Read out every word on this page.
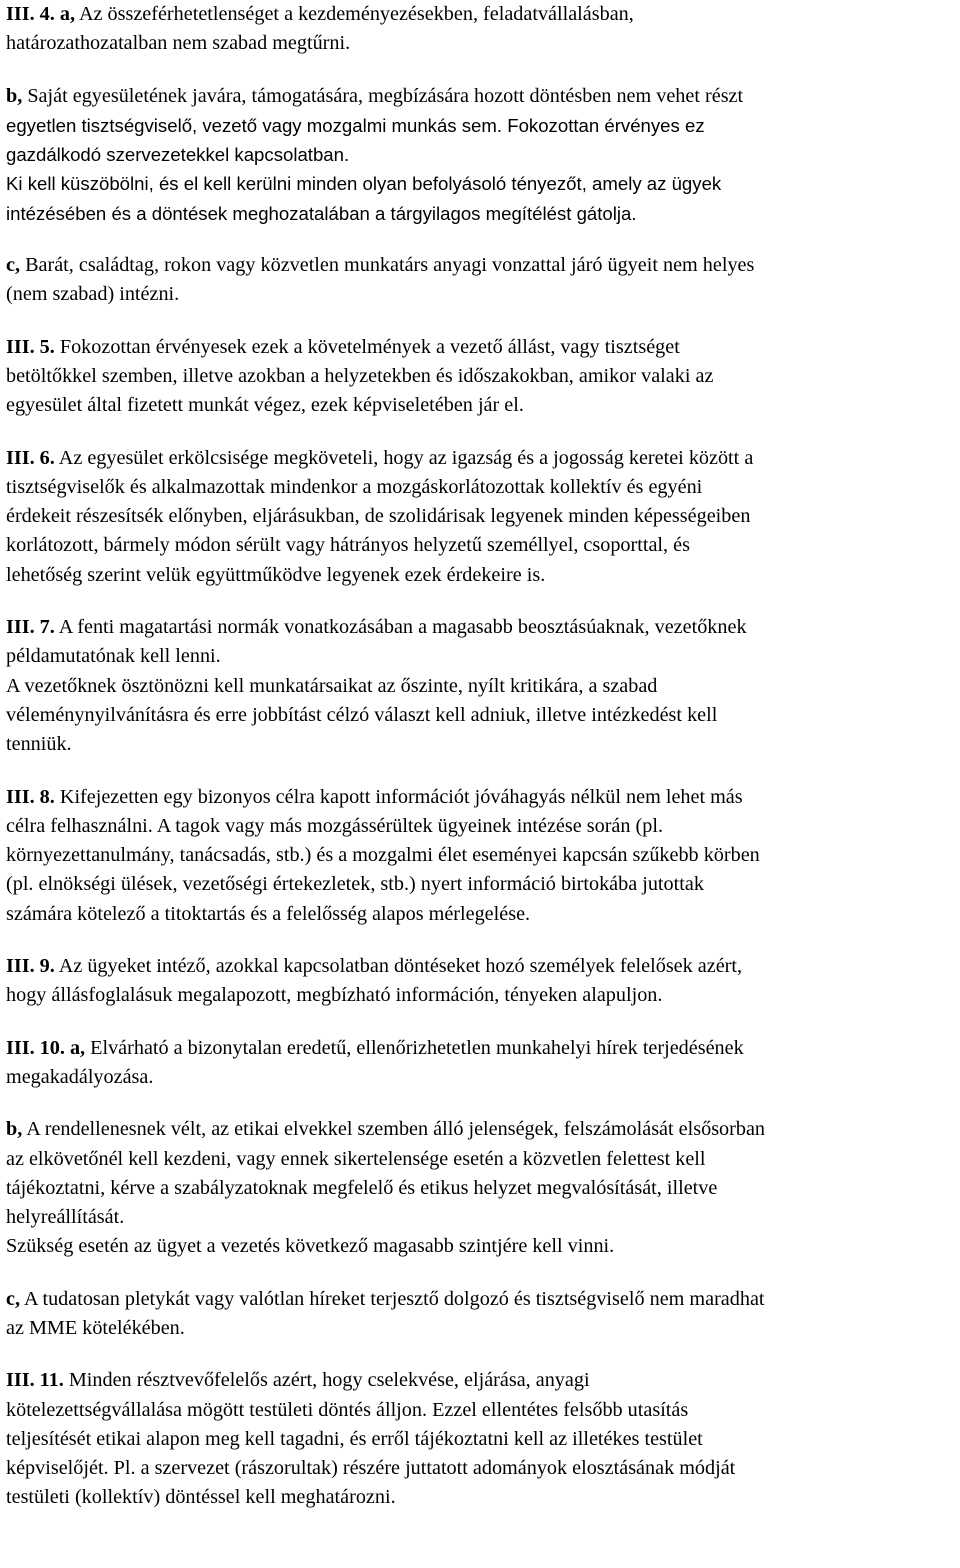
III. 4. a, Az összeférhetetlenséget a kezdeményezésekben, feladatvállalásban,
határozathozatalban nem szabad megtűrni.

b, Saját egyesületének javára, támogatására, megbízására hozott döntésben nem vehet részt
egyetlen tisztségviselő, vezető vagy mozgalmi munkás sem. Fokozottan érvényes ez
gazdálkodó szervezetekkel kapcsolatban.
Ki kell küszöbölni, és el kell kerülni minden olyan befolyásoló tényezőt, amely az ügyek
intézésében és a döntések meghozatalában a tárgyilagos megítélést gátolja.

c, Barát, családtag, rokon vagy közvetlen munkatárs anyagi vonzattal járó ügyeit nem helyes
(nem szabad) intézni.

III. 5. Fokozottan érvényesek ezek a követelmények a vezető állást, vagy tisztséget
betöltőkkel szemben, illetve azokban a helyzetekben és időszakokban, amikor valaki az
egyesület által fizetett munkát végez, ezek képviseletében jár el.

III. 6. Az egyesület erkölcsisége megköveteli, hogy az igazság és a jogosság keretei között a
tisztségviselők és alkalmazottak mindenkor a mozgáskorlátozottak kollektív és egyéni
érdekeit részesítsék előnyben, eljárásukban, de szolidárisak legyenek minden képességeiben
korlátozott, bármely módon sérült vagy hátrányos helyzetű személlyel, csoporttal, és
lehetőség szerint velük együttműködve legyenek ezek érdekeire is.

III. 7. A fenti magatartási normák vonatkozásában a magasabb beosztásúaknak, vezetőknek
példamutatónak kell lenni.
A vezetőknek ösztönözni kell munkatársaikat az őszinte, nyílt kritikára, a szabad
véleménynyilvánításra és erre jobbítást célzó választ kell adniuk, illetve intézkedést kell
tenniük.

III. 8. Kifejezetten egy bizonyos célra kapott információt jóváhagyás nélkül nem lehet más
célra felhasználni. A tagok vagy más mozgássérültek ügyeinek intézése során (pl.
környezettanulmány, tanácsadás, stb.) és a mozgalmi élet eseményei kapcsán szűkebb körben
(pl. elnökségi ülések, vezetőségi értekezletek, stb.) nyert információ birtokába jutottak
számára kötelező a titoktartás és a felelősség alapos mérlegelése.

III. 9. Az ügyeket intéző, azokkal kapcsolatban döntéseket hozó személyek felelősek azért,
hogy állásfoglalásuk megalapozott, megbízható információn, tényeken alapuljon.

III. 10. a, Elvárható a bizonytalan eredetű, ellenőrizhetetlen munkahelyi hírek terjedésének
megakadályozása.

b, A rendellenesnek vélt, az etikai elvekkel szemben álló jelenségek, felszámolását elsősorban
az elkövetőnél kell kezdeni, vagy ennek sikertelensége esetén a közvetlen felettest kell
tájékoztatni, kérve a szabályzatoknak megfelelő és etikus helyzet megvalósítását, illetve
helyreállítását.
Szükség esetén az ügyet a vezetés következő magasabb szintjére kell vinni.

c, A tudatosan pletykát vagy valótlan híreket terjesztő dolgozó és tisztségviselő nem maradhat
az MME kötelékében.

III. 11. Minden résztvevőfelelős azért, hogy cselekvése, eljárása, anyagi
kötelezettségvállalása mögött testületi döntés álljon. Ezzel ellentétes felsőbb utasítás
teljesítését etikai alapon meg kell tagadni, és erről tájékoztatni kell az illetékes testület
képviselőjét. Pl. a szervezet (rászorultak) részére juttatott adományok elosztásának módját
testületi (kollektív) döntéssel kell meghatározni.
